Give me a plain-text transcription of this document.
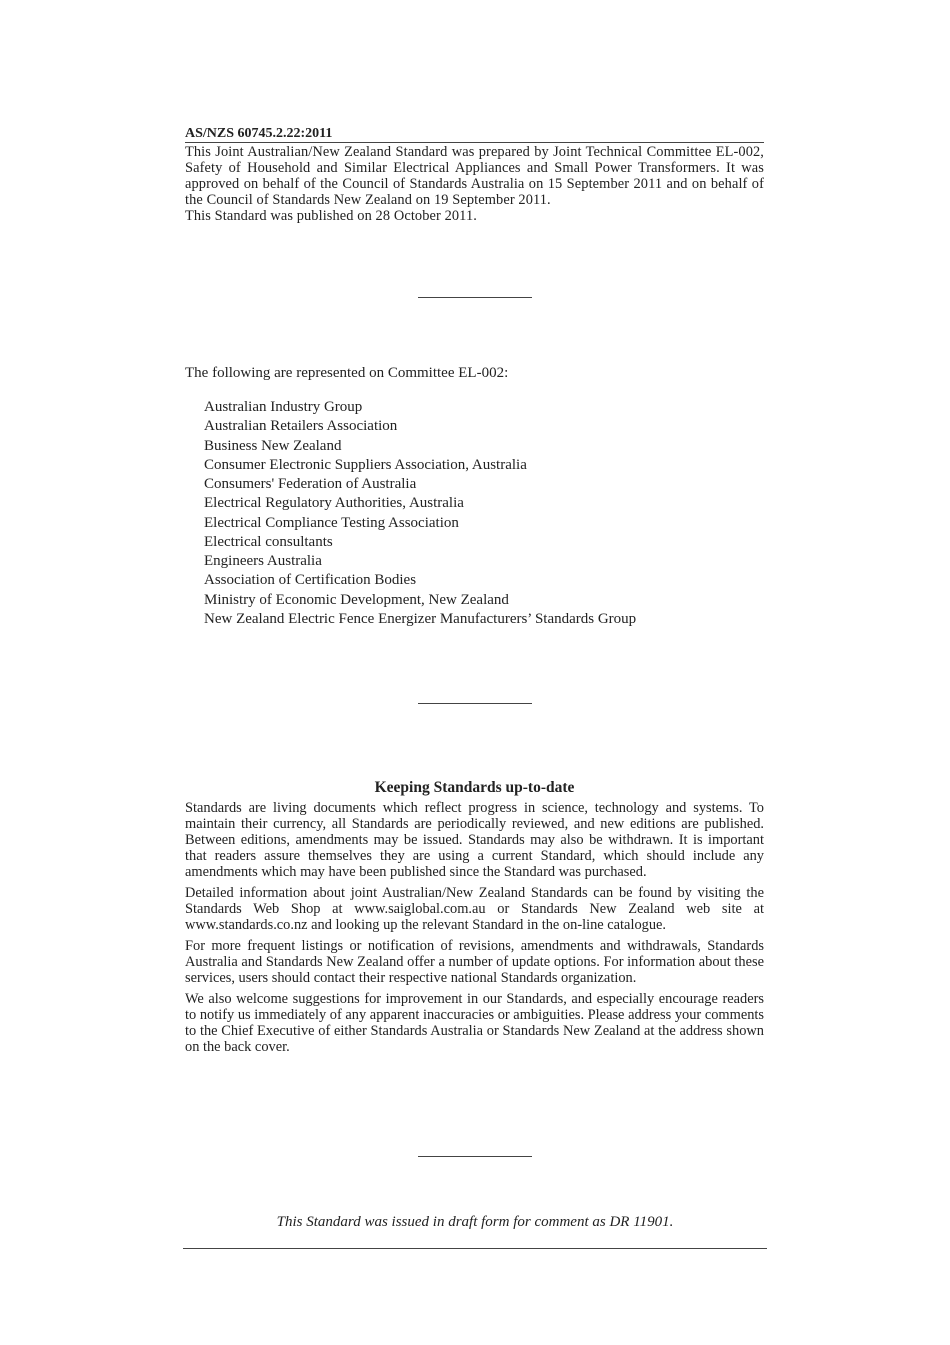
AS/NZS 60745.2.22:2011

This Joint Australian/New Zealand Standard was prepared by Joint Technical Committee EL-002, Safety of Household and Similar Electrical Appliances and Small Power Transformers. It was approved on behalf of the Council of Standards Australia on 15 September 2011 and on behalf of the Council of Standards New Zealand on 19 September 2011.

This Standard was published on 28 October 2011.

The following are represented on Committee EL-002:
Australian Industry Group
Australian Retailers Association
Business New Zealand
Consumer Electronic Suppliers Association, Australia
Consumers' Federation of Australia
Electrical Regulatory Authorities, Australia
Electrical Compliance Testing Association
Electrical consultants
Engineers Australia
Association of Certification Bodies
Ministry of Economic Development, New Zealand
New Zealand Electric Fence Energizer Manufacturers’ Standards Group
Keeping Standards up-to-date

Standards are living documents which reflect progress in science, technology and systems. To maintain their currency, all Standards are periodically reviewed, and new editions are published. Between editions, amendments may be issued. Standards may also be withdrawn. It is important that readers assure themselves they are using a current Standard, which should include any amendments which may have been published since the Standard was purchased.

Detailed information about joint Australian/New Zealand Standards can be found by visiting the Standards Web Shop at www.saiglobal.com.au or Standards New Zealand web site at www.standards.co.nz and looking up the relevant Standard in the on-line catalogue.

For more frequent listings or notification of revisions, amendments and withdrawals, Standards Australia and Standards New Zealand offer a number of update options. For information about these services, users should contact their respective national Standards organization.

We also welcome suggestions for improvement in our Standards, and especially encourage readers to notify us immediately of any apparent inaccuracies or ambiguities. Please address your comments to the Chief Executive of either Standards Australia or Standards New Zealand at the address shown on the back cover.

This Standard was issued in draft form for comment as DR 11901.
